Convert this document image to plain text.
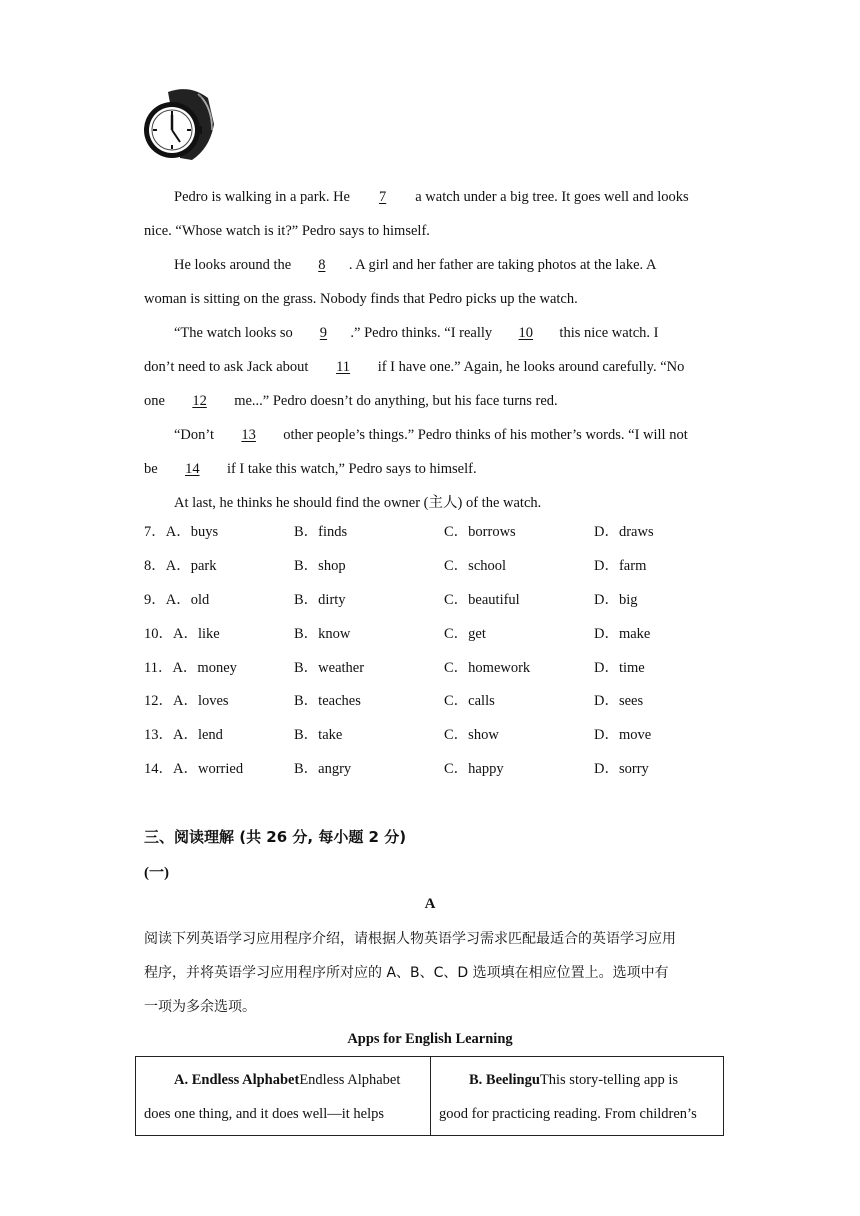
Pedro is walking in a park. He 7 a watch under a big tree. It goes well and looks
nice. “Whose watch is it?” Pedro says to himself.
He looks around the 8 . A girl and her father are taking photos at the lake. A
woman is sitting on the grass. Nobody finds that Pedro picks up the watch.
“The watch looks so 9 .” Pedro thinks. “I really 10 this nice watch. I
don’t need to ask Jack about 11 if I have one.” Again, he looks around carefully. “No
one 12 me...” Pedro doesn’t do anything, but his face turns red.
“Don’t 13 other people’s things.” Pedro thinks of his mother’s words. “I will not
be 14 if I take this watch,” Pedro says to himself.
At last, he thinks he should find the owner (主人) of the watch.
7．A．buys	B．finds	C．borrows	D．draws
8．A．park	B．shop	C．school	D．farm
9．A．old	B．dirty	C．beautiful	D．big
10．A．like	B．know	C．get	D．make
11．A．money	B．weather	C．homework	D．time
12．A．loves	B．teaches	C．calls	D．sees
13．A．lend	B．take	C．show	D．move
14．A．worried	B．angry	C．happy	D．sorry
三、阅读理解 (共 26 分, 每小题 2 分)
(一)
A
阅读下列英语学习应用程序介绍，请根据人物英语学习需求匹配最适合的英语学习应用
程序，并将英语学习应用程序所对应的 A、B、C、D 选项填在相应位置上。选项中有
一项为多余选项。
Apps for English Learning
A. Endless AlphabetEndless Alphabet
does one thing, and it does well—it helps
B. BeelinguThis story-telling app is
good for practicing reading. From children’s
